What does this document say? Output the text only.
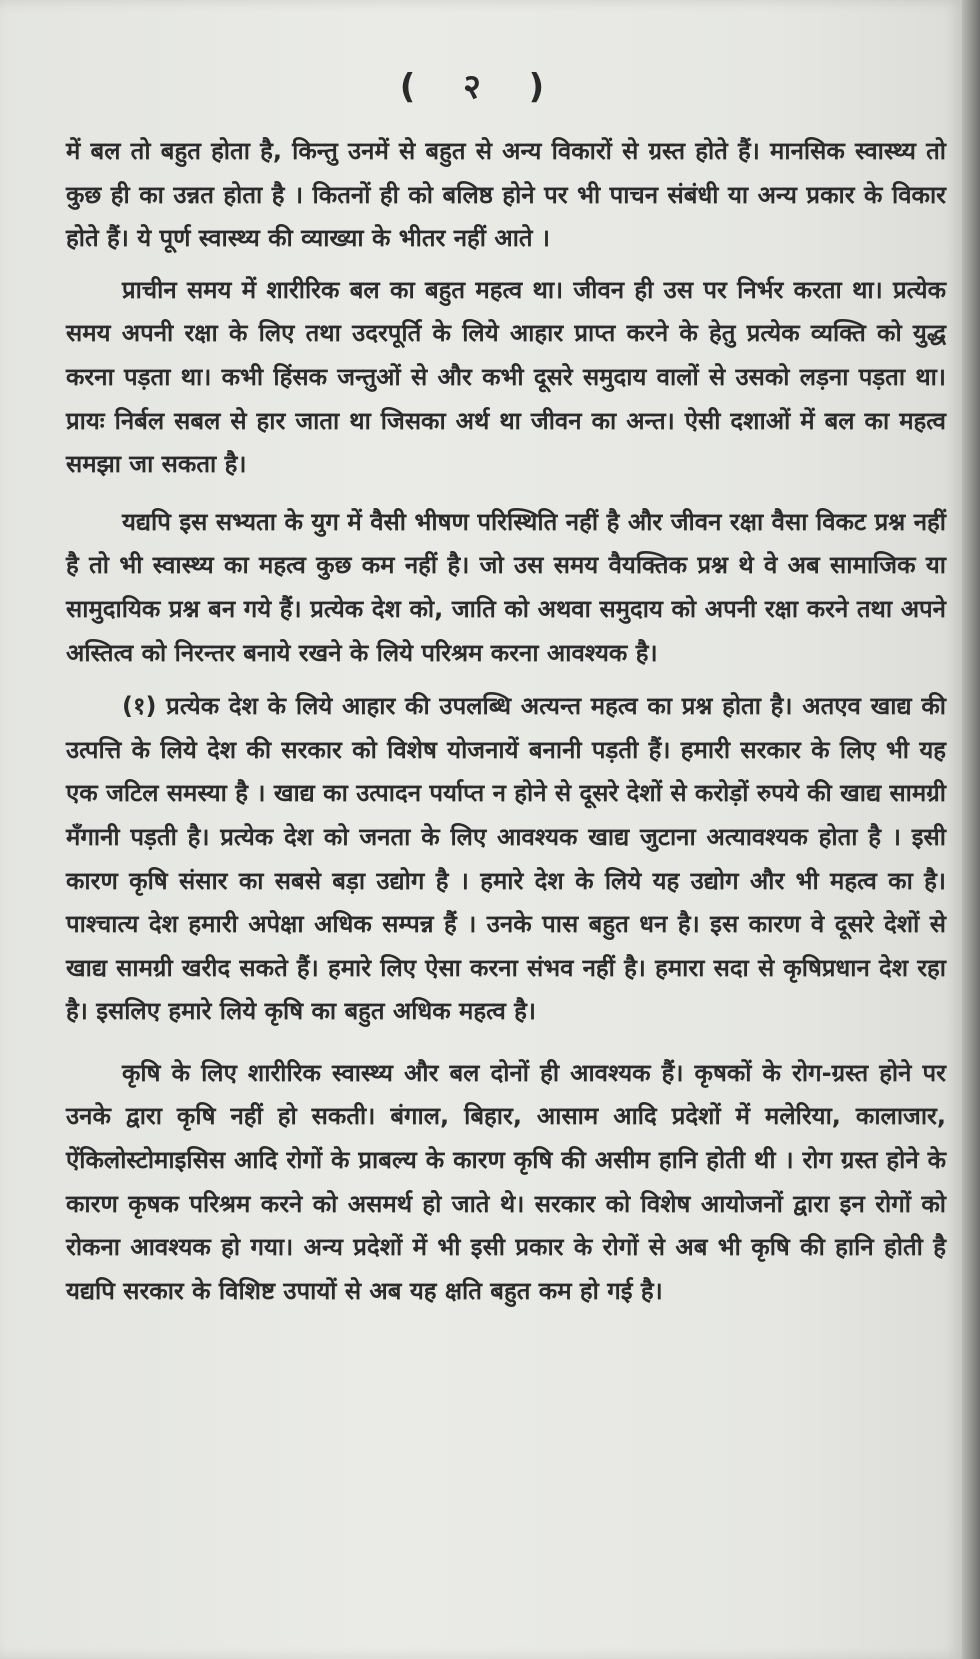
( २ )

में बल तो बहुत होता है, किन्तु उनमें से बहुत से अन्य विकारों से ग्रस्त होते हैं। मानसिक स्वास्थ्य तो कुछ ही का उन्नत होता है । कितनों ही को बलिष्ठ होने पर भी पाचन संबंधी या अन्य प्रकार के विकार होते हैं। ये पूर्ण स्वास्थ्य की व्याख्या के भीतर नहीं आते ।

प्राचीन समय में शारीरिक बल का बहुत महत्व था। जीवन ही उस पर निर्भर करता था। प्रत्येक समय अपनी रक्षा के लिए तथा उदरपूर्ति के लिये आहार प्राप्त करने के हेतु प्रत्येक व्यक्ति को युद्ध करना पड़ता था। कभी हिंसक जन्तुओं से और कभी दूसरे समुदाय वालों से उसको लड़ना पड़ता था। प्रायः निर्बल सबल से हार जाता था जिसका अर्थ था जीवन का अन्त। ऐसी दशाओं में बल का महत्व समझा जा सकता है।

यद्यपि इस सभ्यता के युग में वैसी भीषण परिस्थिति नहीं है और जीवन रक्षा वैसा विकट प्रश्न नहीं है तो भी स्वास्थ्य का महत्व कुछ कम नहीं है। जो उस समय वैयक्तिक प्रश्न थे वे अब सामाजिक या सामुदायिक प्रश्न बन गये हैं। प्रत्येक देश को, जाति को अथवा समुदाय को अपनी रक्षा करने तथा अपने अस्तित्व को निरन्तर बनाये रखने के लिये परिश्रम करना आवश्यक है।

(१) प्रत्येक देश के लिये आहार की उपलब्धि अत्यन्त महत्व का प्रश्न होता है। अतएव खाद्य की उत्पत्ति के लिये देश की सरकार को विशेष योजनायें बनानी पड़ती हैं। हमारी सरकार के लिए भी यह एक जटिल समस्या है । खाद्य का उत्पादन पर्याप्त न होने से दूसरे देशों से करोड़ों रुपये की खाद्य सामग्री मँगानी पड़ती है। प्रत्येक देश को जनता के लिए आवश्यक खाद्य जुटाना अत्यावश्यक होता है । इसी कारण कृषि संसार का सबसे बड़ा उद्योग है । हमारे देश के लिये यह उद्योग और भी महत्व का है। पाश्चात्य देश हमारी अपेक्षा अधिक सम्पन्न हैं । उनके पास बहुत धन है। इस कारण वे दूसरे देशों से खाद्य सामग्री खरीद सकते हैं। हमारे लिए ऐसा करना संभव नहीं है। हमारा सदा से कृषिप्रधान देश रहा है। इसलिए हमारे लिये कृषि का बहुत अधिक महत्व है।

कृषि के लिए शारीरिक स्वास्थ्य और बल दोनों ही आवश्यक हैं। कृषकों के रोग-ग्रस्त होने पर उनके द्वारा कृषि नहीं हो सकती। बंगाल, बिहार, आसाम आदि प्रदेशों में मलेरिया, कालाजार, ऐंकिलोस्टोमाइसिस आदि रोगों के प्राबल्य के कारण कृषि की असीम हानि होती थी । रोग ग्रस्त होने के कारण कृषक परिश्रम करने को असमर्थ हो जाते थे। सरकार को विशेष आयोजनों द्वारा इन रोगों को रोकना आवश्यक हो गया। अन्य प्रदेशों में भी इसी प्रकार के रोगों से अब भी कृषि की हानि होती है यद्यपि सरकार के विशिष्ट उपायों से अब यह क्षति बहुत कम हो गई है।
